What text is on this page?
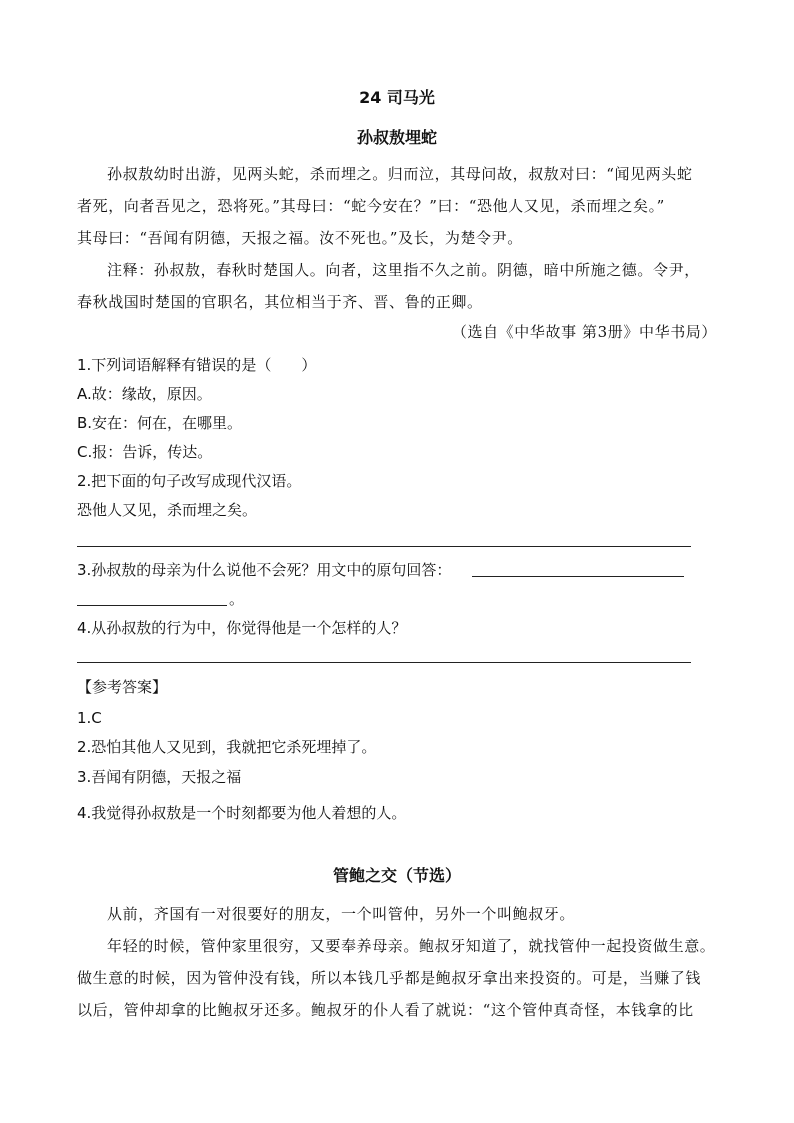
24 司马光
孙叔敖埋蛇
孙叔敖幼时出游，见两头蛇，杀而埋之。归而泣，其母问故，叔敖对曰：“闻见两头蛇
者死，向者吾见之，恐将死。”其母曰：“蛇今安在？”曰：“恐他人又见，杀而埋之矣。”
其母曰：“吾闻有阴德，天报之福。汝不死也。”及长，为楚令尹。
注释：孙叔敖，春秋时楚国人。向者，这里指不久之前。阴德，暗中所施之德。令尹，
春秋战国时楚国的官职名，其位相当于齐、晋、鲁的正卿。
（选自《中华故事 第3册》中华书局）
1.下列词语解释有错误的是（　　）
A.故：缘故，原因。
B.安在：何在，在哪里。
C.报：告诉，传达。
2.把下面的句子改写成现代汉语。
恐他人又见，杀而埋之矣。
3.孙叔敖的母亲为什么说他不会死？用文中的原句回答：
。
4.从孙叔敖的行为中，你觉得他是一个怎样的人？
【参考答案】
1.C
2.恐怕其他人又见到，我就把它杀死埋掉了。
3.吾闻有阴德，天报之福
4.我觉得孙叔敖是一个时刻都要为他人着想的人。
管鲍之交（节选）
从前，齐国有一对很要好的朋友，一个叫管仲，另外一个叫鲍叔牙。
年轻的时候，管仲家里很穷，又要奉养母亲。鲍叔牙知道了，就找管仲一起投资做生意。
做生意的时候，因为管仲没有钱，所以本钱几乎都是鲍叔牙拿出来投资的。可是，当赚了钱
以后，管仲却拿的比鲍叔牙还多。鲍叔牙的仆人看了就说：“这个管仲真奇怪，本钱拿的比
